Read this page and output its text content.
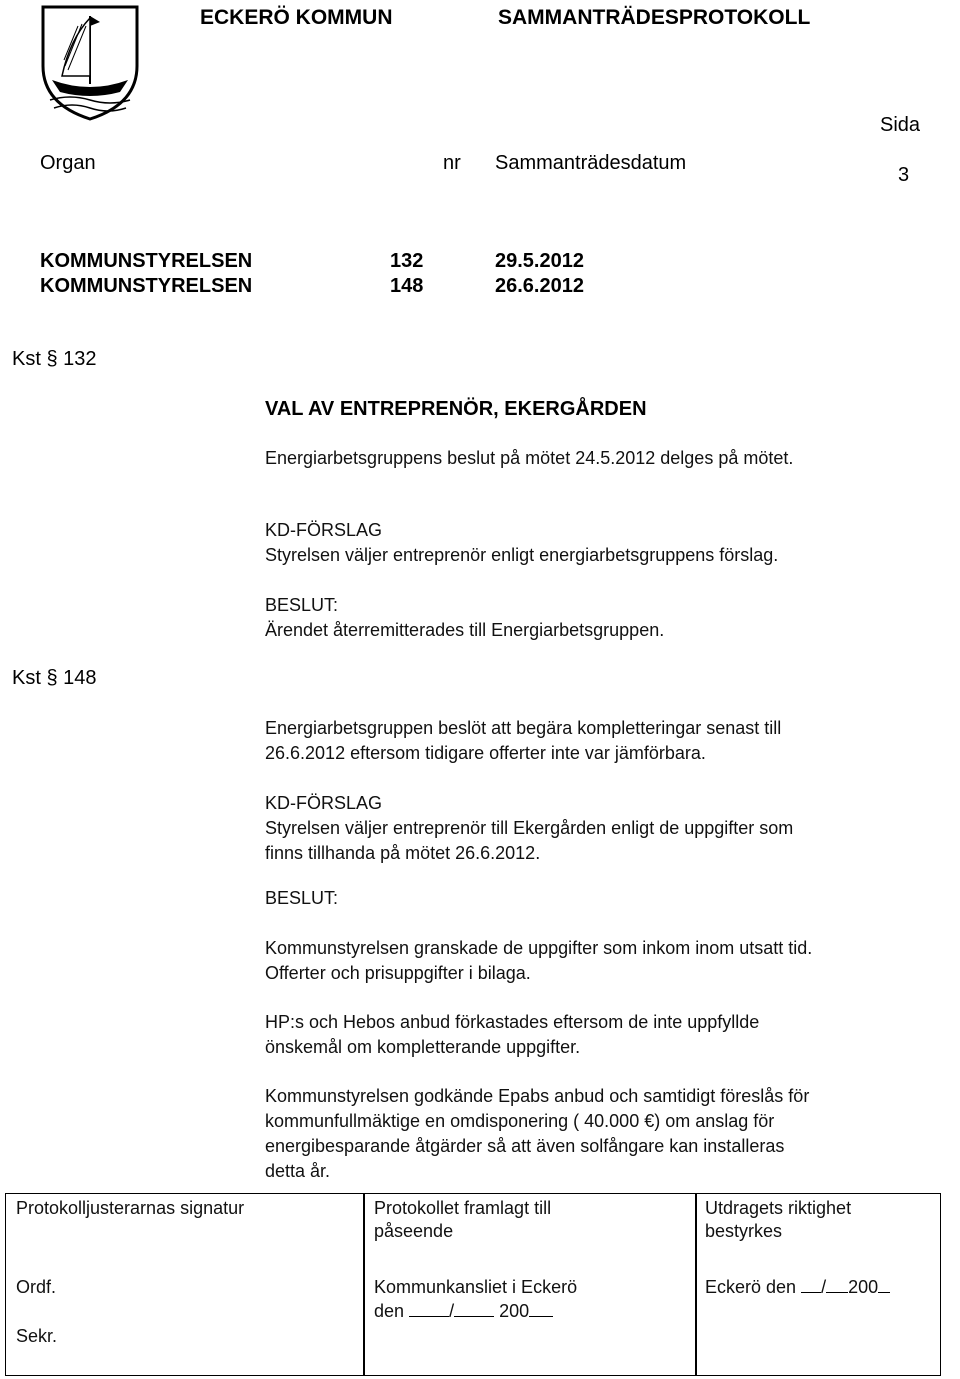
ECKERÖ KOMMUN	SAMMANTRÄDESPROTOKOLL
Sida
Organ	nr Sammanträdesdatum
3
KOMMUNSTYRELSEN	132	29.5.2012
KOMMUNSTYRELSEN	148	26.6.2012
Kst § 132
VAL AV ENTREPRENÖR, EKERGÅRDEN
Energiarbetsgruppens beslut på mötet 24.5.2012 delges på mötet.
KD-FÖRSLAG
Styrelsen väljer entreprenör enligt energiarbetsgruppens förslag.
BESLUT:
Ärendet återremitterades till Energiarbetsgruppen.
Kst § 148
Energiarbetsgruppen beslöt att begära kompletteringar senast till
26.6.2012 eftersom tidigare offerter inte var jämförbara.
KD-FÖRSLAG
Styrelsen väljer entreprenör till Ekergården enligt de uppgifter som
finns tillhanda på mötet 26.6.2012.
BESLUT:
Kommunstyrelsen granskade de uppgifter som inkom inom utsatt tid.
Offerter och prisuppgifter i bilaga.
HP:s och Hebos anbud förkastades eftersom de inte uppfyllde
önskemål om kompletterande uppgifter.
Kommunstyrelsen godkände Epabs anbud och samtidigt föreslås för
kommunfullmäktige en omdisponering ( 40.000 €) om anslag för
energibesparande åtgärder så att även solfångare kan installeras
detta år.
Protokolljusterarnas signatur
Ordf.
Sekr.
Protokollet framlagt till
påseende
Kommunkansliet i Eckerö
den	/	200
Utdragets riktighet
bestyrkes
Eckerö den / 200
